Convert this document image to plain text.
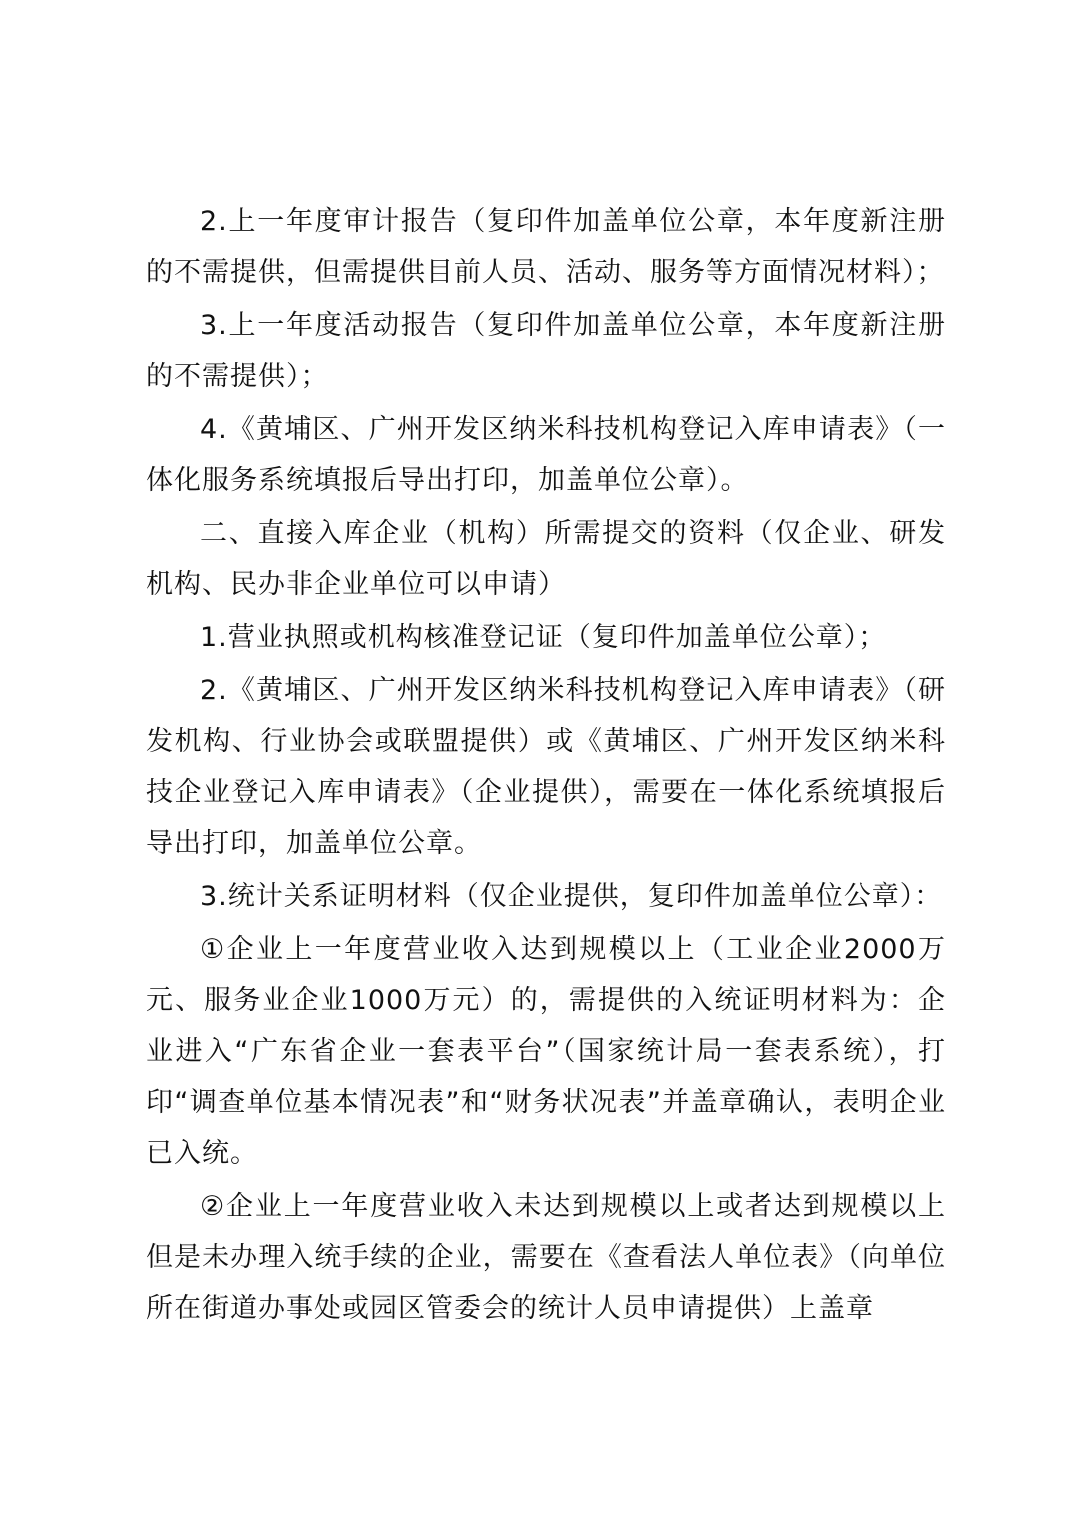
2.上一年度审计报告（复印件加盖单位公章，本年度新注册的不需提供，但需提供目前人员、活动、服务等方面情况材料）；

3.上一年度活动报告（复印件加盖单位公章，本年度新注册的不需提供）；

4.《黄埔区、广州开发区纳米科技机构登记入库申请表》（一体化服务系统填报后导出打印，加盖单位公章）。

二、直接入库企业（机构）所需提交的资料（仅企业、研发机构、民办非企业单位可以申请）

1.营业执照或机构核准登记证（复印件加盖单位公章）；

2.《黄埔区、广州开发区纳米科技机构登记入库申请表》（研发机构、行业协会或联盟提供）或《黄埔区、广州开发区纳米科技企业登记入库申请表》（企业提供），需要在一体化系统填报后导出打印，加盖单位公章。

3.统计关系证明材料（仅企业提供，复印件加盖单位公章）：

①企业上一年度营业收入达到规模以上（工业企业2000万元、服务业企业1000万元）的，需提供的入统证明材料为：企业进入“广东省企业一套表平台”（国家统计局一套表系统），打印“调查单位基本情况表”和“财务状况表”并盖章确认，表明企业已入统。

②企业上一年度营业收入未达到规模以上或者达到规模以上但是未办理入统手续的企业，需要在《查看法人单位表》（向单位所在街道办事处或园区管委会的统计人员申请提供）上盖章
